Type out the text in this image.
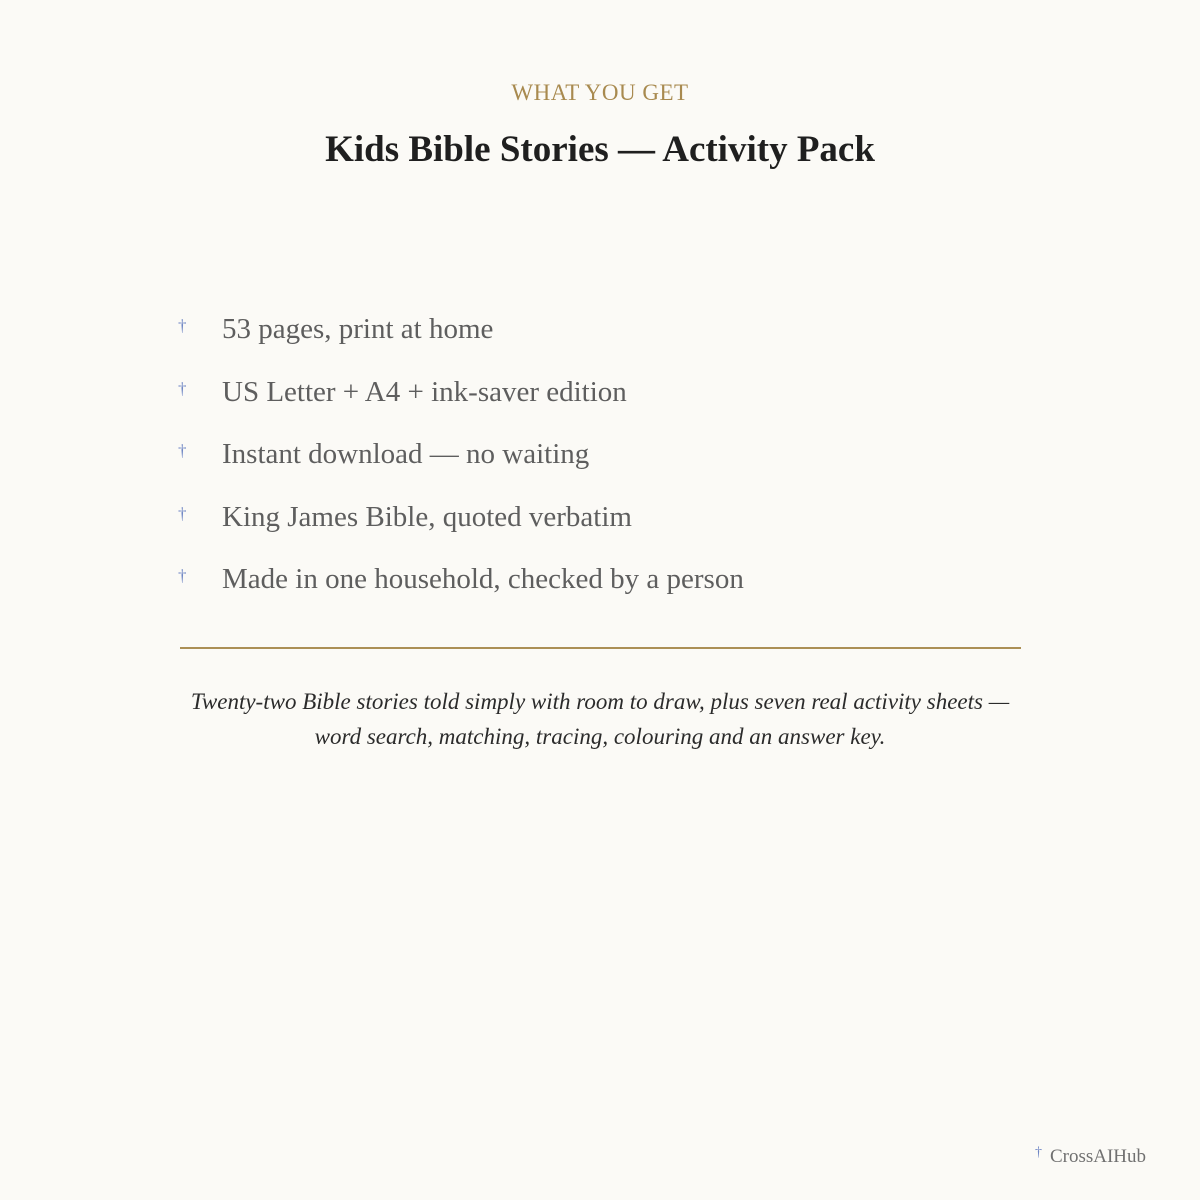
WHAT YOU GET
Kids Bible Stories — Activity Pack
† 53 pages, print at home
† US Letter + A4 + ink-saver edition
† Instant download — no waiting
† King James Bible, quoted verbatim
† Made in one household, checked by a person

Twenty-two Bible stories told simply with room to draw, plus seven real activity sheets — word search, matching, tracing, colouring and an answer key.

† CrossAIHub
